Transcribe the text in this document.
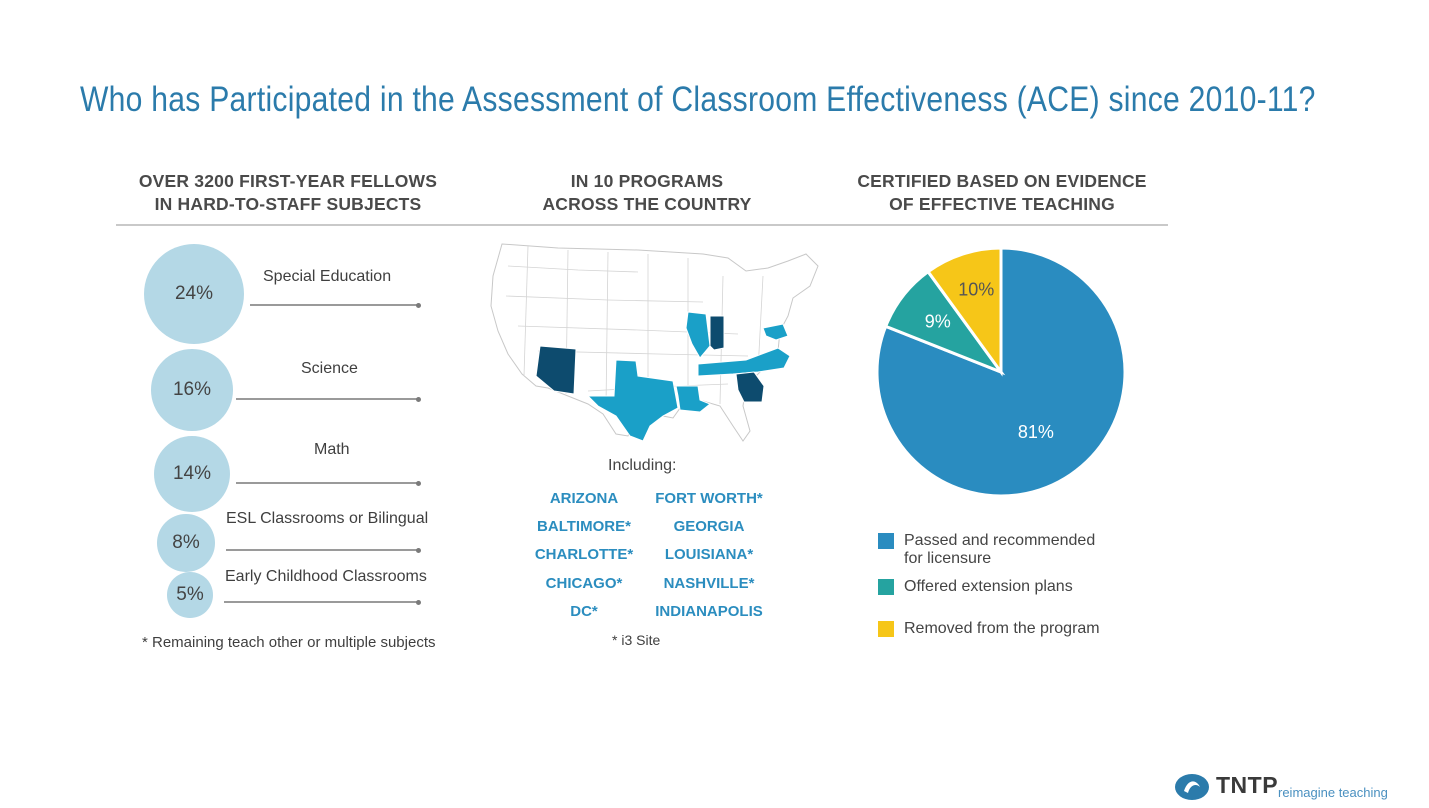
Who has Participated in the Assessment of Classroom Effectiveness (ACE) since 2010-11?
OVER 3200 FIRST-YEAR FELLOWS
IN HARD-TO-STAFF SUBJECTS
IN 10 PROGRAMS
ACROSS THE COUNTRY
CERTIFIED BASED ON EVIDENCE
OF EFFECTIVE TEACHING
24%
Special Education
16%
Science
14%
Math
8%
ESL Classrooms or Bilingual
5%
Early Childhood Classrooms
* Remaining teach other or multiple subjects
Including:
ARIZONA
BALTIMORE*
CHARLOTTE*
CHICAGO*
DC*
FORT WORTH*
GEORGIA
LOUISIANA*
NASHVILLE*
INDIANAPOLIS
* i3 Site
81%
9%
10%
Passed and recommended
for licensure
Offered extension plans
Removed from the program
TNTP reimagine teaching
